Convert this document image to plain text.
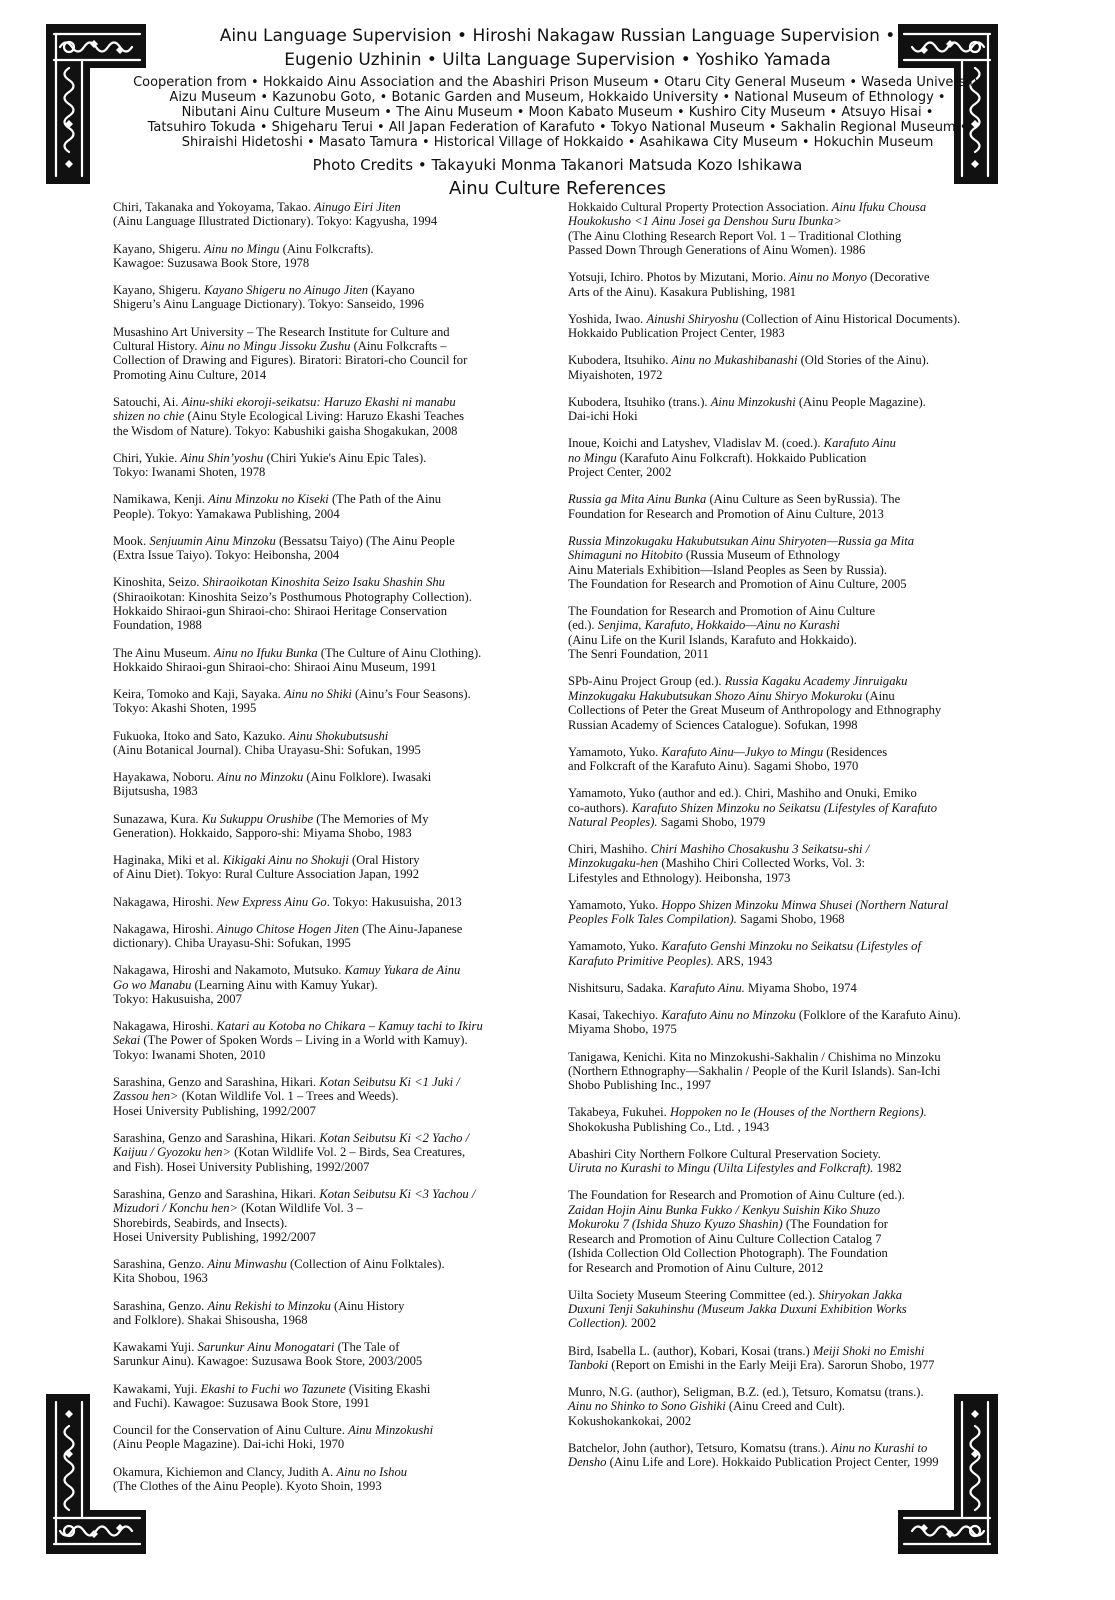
Ainu Language Supervision • Hiroshi Nakagaw Russian Language Supervision •

Eugenio Uzhinin • Uilta Language Supervision • Yoshiko Yamada

Cooperation from • Hokkaido Ainu Association and the Abashiri Prison Museum • Otaru City General Museum • Waseda University

Aizu Museum • Kazunobu Goto, • Botanic Garden and Museum, Hokkaido University • National Museum of Ethnology •

Nibutani Ainu Culture Museum • The Ainu Museum • Moon Kabato Museum • Kushiro City Museum • Atsuyo Hisai •

Tatsuhiro Tokuda • Shigeharu Terui • All Japan Federation of Karafuto • Tokyo National Museum • Sakhalin Regional Museum •

Shiraishi Hidetoshi • Masato Tamura • Historical Village of Hokkaido • Asahikawa City Museum • Hokuchin Museum

Photo Credits • Takayuki Monma Takanori Matsuda Kozo Ishikawa

Ainu Culture References

Chiri, Takanaka and Yokoyama, Takao. Ainugo Eiri Jiten
(Ainu Language Illustrated Dictionary). Tokyo: Kagyusha, 1994

Kayano, Shigeru. Ainu no Mingu (Ainu Folkcrafts).
Kawagoe: Suzusawa Book Store, 1978

Kayano, Shigeru. Kayano Shigeru no Ainugo Jiten (Kayano
Shigeru’s Ainu Language Dictionary). Tokyo: Sanseido, 1996

Musashino Art University – The Research Institute for Culture and
Cultural History. Ainu no Mingu Jissoku Zushu (Ainu Folkcrafts –
Collection of Drawing and Figures). Biratori: Biratori-cho Council for
Promoting Ainu Culture, 2014

Satouchi, Ai. Ainu-shiki ekoroji-seikatsu: Haruzo Ekashi ni manabu
shizen no chie (Ainu Style Ecological Living: Haruzo Ekashi Teaches
the Wisdom of Nature). Tokyo: Kabushiki gaisha Shogakukan, 2008

Chiri, Yukie. Ainu Shin’yoshu (Chiri Yukie's Ainu Epic Tales).
Tokyo: Iwanami Shoten, 1978

Namikawa, Kenji. Ainu Minzoku no Kiseki (The Path of the Ainu
People). Tokyo: Yamakawa Publishing, 2004

Mook. Senjuumin Ainu Minzoku (Bessatsu Taiyo) (The Ainu People
(Extra Issue Taiyo). Tokyo: Heibonsha, 2004

Kinoshita, Seizo. Shiraoikotan Kinoshita Seizo Isaku Shashin Shu
(Shiraoikotan: Kinoshita Seizo’s Posthumous Photography Collection).
Hokkaido Shiraoi-gun Shiraoi-cho: Shiraoi Heritage Conservation
Foundation, 1988

The Ainu Museum. Ainu no Ifuku Bunka (The Culture of Ainu Clothing).
Hokkaido Shiraoi-gun Shiraoi-cho: Shiraoi Ainu Museum, 1991

Keira, Tomoko and Kaji, Sayaka. Ainu no Shiki (Ainu’s Four Seasons).
Tokyo: Akashi Shoten, 1995

Fukuoka, Itoko and Sato, Kazuko. Ainu Shokubutsushi
(Ainu Botanical Journal). Chiba Urayasu-Shi: Sofukan, 1995

Hayakawa, Noboru. Ainu no Minzoku (Ainu Folklore). Iwasaki
Bijutsusha, 1983

Sunazawa, Kura. Ku Sukuppu Orushibe (The Memories of My
Generation). Hokkaido, Sapporo-shi: Miyama Shobo, 1983

Haginaka, Miki et al. Kikigaki Ainu no Shokuji (Oral History
of Ainu Diet). Tokyo: Rural Culture Association Japan, 1992

Nakagawa, Hiroshi. New Express Ainu Go. Tokyo: Hakusuisha, 2013

Nakagawa, Hiroshi. Ainugo Chitose Hogen Jiten (The Ainu-Japanese
dictionary). Chiba Urayasu-Shi: Sofukan, 1995

Nakagawa, Hiroshi and Nakamoto, Mutsuko. Kamuy Yukara de Ainu
Go wo Manabu (Learning Ainu with Kamuy Yukar).
Tokyo: Hakusuisha, 2007

Nakagawa, Hiroshi. Katari au Kotoba no Chikara – Kamuy tachi to Ikiru
Sekai (The Power of Spoken Words – Living in a World with Kamuy).
Tokyo: Iwanami Shoten, 2010

Sarashina, Genzo and Sarashina, Hikari. Kotan Seibutsu Ki <1 Juki /
Zassou hen> (Kotan Wildlife Vol. 1 – Trees and Weeds).
Hosei University Publishing, 1992/2007

Sarashina, Genzo and Sarashina, Hikari. Kotan Seibutsu Ki <2 Yacho /
Kaijuu / Gyozoku hen> (Kotan Wildlife Vol. 2 – Birds, Sea Creatures,
and Fish). Hosei University Publishing, 1992/2007

Sarashina, Genzo and Sarashina, Hikari. Kotan Seibutsu Ki <3 Yachou /
Mizudori / Konchu hen> (Kotan Wildlife Vol. 3 –
Shorebirds, Seabirds, and Insects).
Hosei University Publishing, 1992/2007

Sarashina, Genzo. Ainu Minwashu (Collection of Ainu Folktales).
Kita Shobou, 1963

Sarashina, Genzo. Ainu Rekishi to Minzoku (Ainu History
and Folklore). Shakai Shisousha, 1968

Kawakami Yuji. Sarunkur Ainu Monogatari (The Tale of
Sarunkur Ainu). Kawagoe: Suzusawa Book Store, 2003/2005

Kawakami, Yuji. Ekashi to Fuchi wo Tazunete (Visiting Ekashi
and Fuchi). Kawagoe: Suzusawa Book Store, 1991

Council for the Conservation of Ainu Culture. Ainu Minzokushi
(Ainu People Magazine). Dai-ichi Hoki, 1970

Okamura, Kichiemon and Clancy, Judith A. Ainu no Ishou
(The Clothes of the Ainu People). Kyoto Shoin, 1993

Hokkaido Cultural Property Protection Association. Ainu Ifuku Chousa
Houkokusho <1 Ainu Josei ga Denshou Suru Ibunka>
(The Ainu Clothing Research Report Vol. 1 – Traditional Clothing
Passed Down Through Generations of Ainu Women). 1986

Yotsuji, Ichiro. Photos by Mizutani, Morio. Ainu no Monyo (Decorative
Arts of the Ainu). Kasakura Publishing, 1981

Yoshida, Iwao. Ainushi Shiryoshu (Collection of Ainu Historical Documents).
Hokkaido Publication Project Center, 1983

Kubodera, Itsuhiko. Ainu no Mukashibanashi (Old Stories of the Ainu).
Miyaishoten, 1972

Kubodera, Itsuhiko (trans.). Ainu Minzokushi (Ainu People Magazine).
Dai-ichi Hoki

Inoue, Koichi and Latyshev, Vladislav M. (coed.). Karafuto Ainu
no Mingu (Karafuto Ainu Folkcraft). Hokkaido Publication
Project Center, 2002

Russia ga Mita Ainu Bunka (Ainu Culture as Seen byRussia). The
Foundation for Research and Promotion of Ainu Culture, 2013

Russia Minzokugaku Hakubutsukan Ainu Shiryoten—Russia ga Mita
Shimaguni no Hitobito (Russia Museum of Ethnology
Ainu Materials Exhibition—Island Peoples as Seen by Russia).
The Foundation for Research and Promotion of Ainu Culture, 2005

The Foundation for Research and Promotion of Ainu Culture
(ed.). Senjima, Karafuto, Hokkaido—Ainu no Kurashi
(Ainu Life on the Kuril Islands, Karafuto and Hokkaido).
The Senri Foundation, 2011

SPb-Ainu Project Group (ed.). Russia Kagaku Academy Jinruigaku
Minzokugaku Hakubutsukan Shozo Ainu Shiryo Mokuroku (Ainu
Collections of Peter the Great Museum of Anthropology and Ethnography
Russian Academy of Sciences Catalogue). Sofukan, 1998

Yamamoto, Yuko. Karafuto Ainu—Jukyo to Mingu (Residences
and Folkcraft of the Karafuto Ainu). Sagami Shobo, 1970

Yamamoto, Yuko (author and ed.). Chiri, Mashiho and Onuki, Emiko
co-authors). Karafuto Shizen Minzoku no Seikatsu (Lifestyles of Karafuto
Natural Peoples). Sagami Shobo, 1979

Chiri, Mashiho. Chiri Mashiho Chosakushu 3 Seikatsu-shi /
Minzokugaku-hen (Mashiho Chiri Collected Works, Vol. 3:
Lifestyles and Ethnology). Heibonsha, 1973

Yamamoto, Yuko. Hoppo Shizen Minzoku Minwa Shusei (Northern Natural
Peoples Folk Tales Compilation). Sagami Shobo, 1968

Yamamoto, Yuko. Karafuto Genshi Minzoku no Seikatsu (Lifestyles of
Karafuto Primitive Peoples). ARS, 1943

Nishitsuru, Sadaka. Karafuto Ainu. Miyama Shobo, 1974

Kasai, Takechiyo. Karafuto Ainu no Minzoku (Folklore of the Karafuto Ainu).
Miyama Shobo, 1975

Tanigawa, Kenichi. Kita no Minzokushi-Sakhalin / Chishima no Minzoku
(Northern Ethnography—Sakhalin / People of the Kuril Islands). San-Ichi
Shobo Publishing Inc., 1997

Takabeya, Fukuhei. Hoppoken no Ie (Houses of the Northern Regions).
Shokokusha Publishing Co., Ltd. , 1943

Abashiri City Northern Folkore Cultural Preservation Society.
Uiruta no Kurashi to Mingu (Uilta Lifestyles and Folkcraft). 1982

The Foundation for Research and Promotion of Ainu Culture (ed.).
Zaidan Hojin Ainu Bunka Fukko / Kenkyu Suishin Kiko Shuzo
Mokuroku 7 (Ishida Shuzo Kyuzo Shashin) (The Foundation for
Research and Promotion of Ainu Culture Collection Catalog 7
(Ishida Collection Old Collection Photograph). The Foundation
for Research and Promotion of Ainu Culture, 2012

Uilta Society Museum Steering Committee (ed.). Shiryokan Jakka
Duxuni Tenji Sakuhinshu (Museum Jakka Duxuni Exhibition Works
Collection). 2002

Bird, Isabella L. (author), Kobari, Kosai (trans.) Meiji Shoki no Emishi
Tanboki (Report on Emishi in the Early Meiji Era). Sarorun Shobo, 1977

Munro, N.G. (author), Seligman, B.Z. (ed.), Tetsuro, Komatsu (trans.).
Ainu no Shinko to Sono Gishiki (Ainu Creed and Cult).
Kokushokankokai, 2002

Batchelor, John (author), Tetsuro, Komatsu (trans.). Ainu no Kurashi to
Densho (Ainu Life and Lore). Hokkaido Publication Project Center, 1999
